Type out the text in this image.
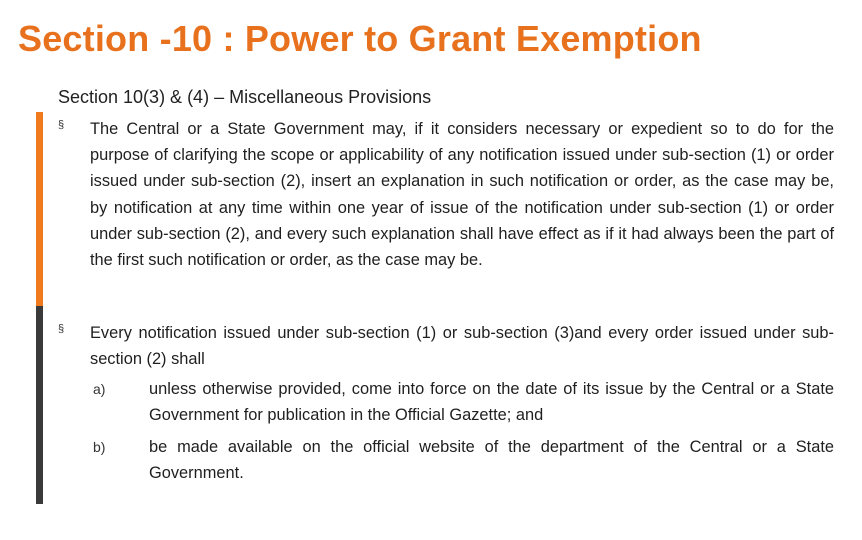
Section -10 : Power to Grant Exemption
Section 10(3) & (4) – Miscellaneous Provisions
§ The Central or a State Government may, if it considers necessary or expedient so to do for the purpose of clarifying the scope or applicability of any notification issued under sub-section (1) or order issued under sub-section (2), insert an explanation in such notification or order, as the case may be, by notification at any time within one year of issue of the notification under sub-section (1) or order under sub-section (2), and every such explanation shall have effect as if it had always been the part of the first such notification or order, as the case may be.
§ Every notification issued under sub-section (1) or sub-section (3)and every order issued under sub-section (2) shall
a)	unless otherwise provided, come into force on the date of its issue by the Central or a State Government for publication in the Official Gazette; and
b)	be made available on the official website of the department of the Central or a State Government.
